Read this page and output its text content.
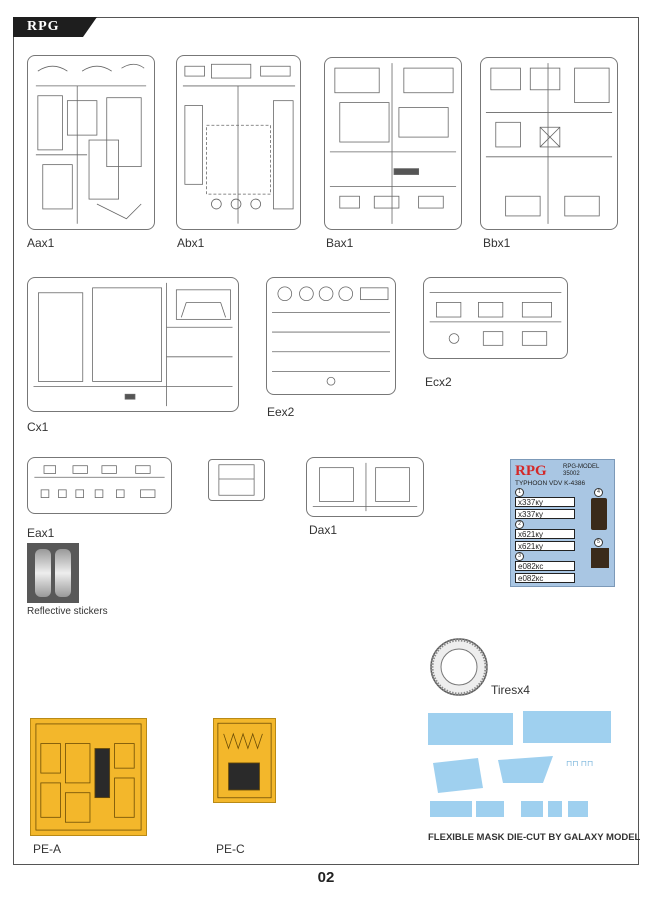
RPG
Aax1	Abx1	Bax1	Bbx1
Cx1
Eex2
Ecx2
Eax1	Dax1
RPG	RPG-MODEL
35002
TYPHOON VDV K-4386
1
x337ку
x337ку
2
x621ку
x621ку
3
е082кс
е082кс
4
5
Reflective stickers
Tiresx4
PE-A	PE-C
⊓⊓ ⊓⊓
FLEXIBLE MASK DIE-CUT BY GALAXY MODEL
02
